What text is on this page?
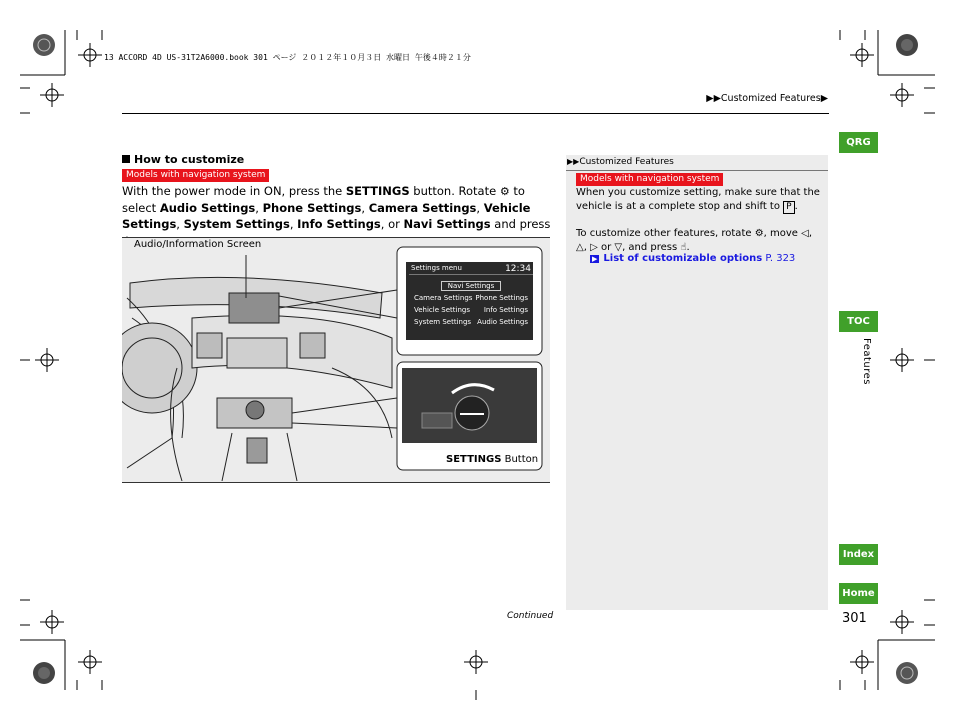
13 ACCORD 4D US-31T2A6000.book 301 ページ ２０１２年１０月３日 水曜日 午後４時２１分
▶▶Customized Features▶
How to customize
Models with navigation system
With the power mode in ON, press the SETTINGS button. Rotate ⚙ to select Audio Settings, Phone Settings, Camera Settings, Vehicle Settings, System Settings, Info Settings, or Navi Settings and press
Settings menu	12:34
Navi Settings
Camera Settings Phone Settings
Vehicle Settings Info Settings
System Settings Audio Settings
Audio/Information Screen
SETTINGS Button
▶▶Customized Features
Models with navigation system
When you customize setting, make sure that the vehicle is at a complete stop and shift to P .
To customize other features, rotate ⚙, move ◁, △, ▷ or ▽, and press ☝.
▶ List of customizable options P. 323
Continued	301
QRG
TOC
Features
Index
Home
